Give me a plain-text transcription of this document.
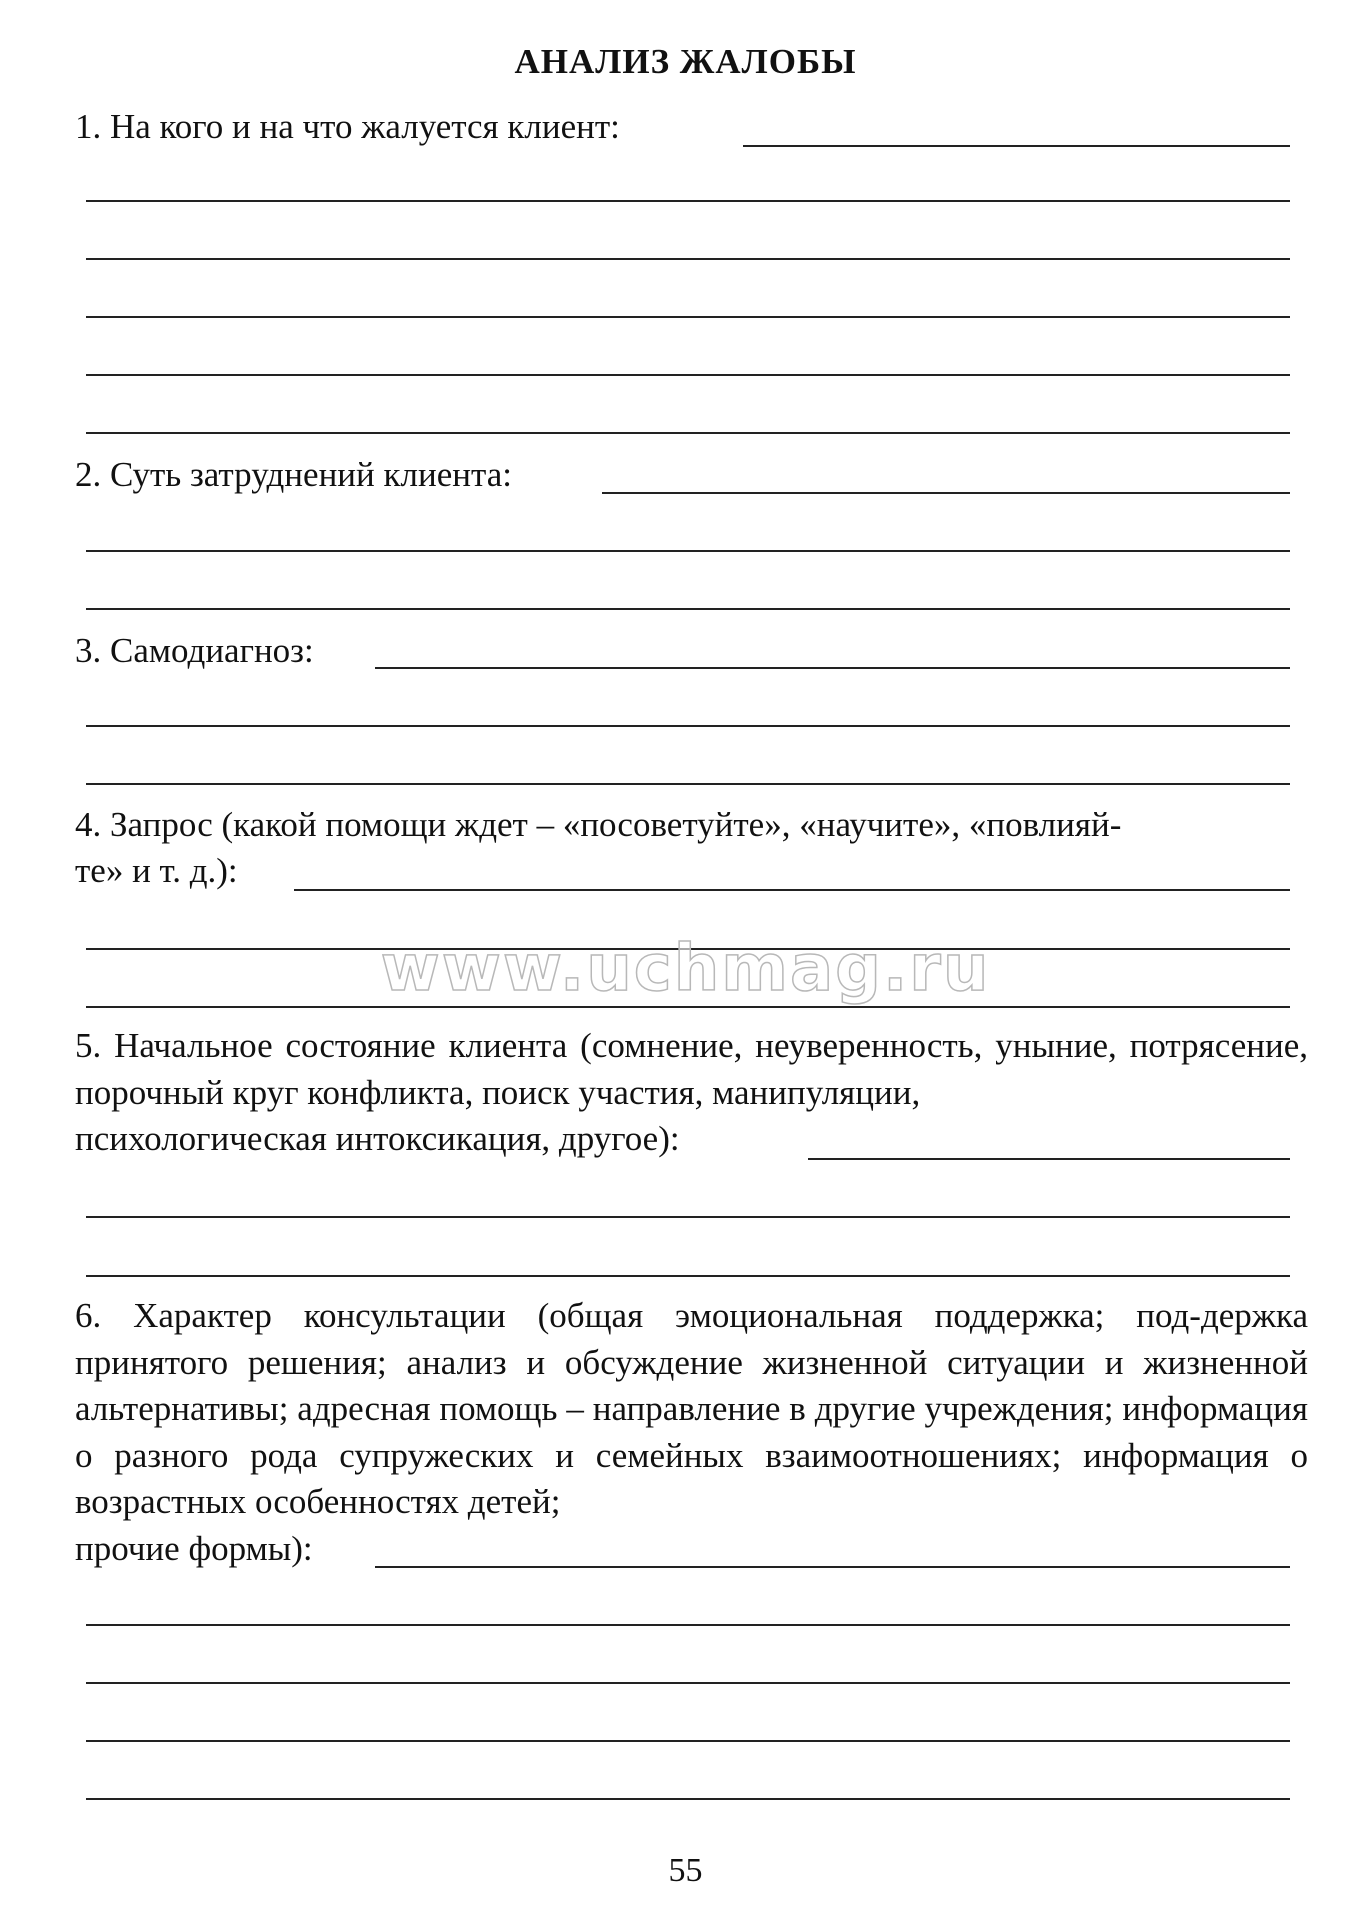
АНАЛИЗ ЖАЛОБЫ
1. На кого и на что жалуется клиент:
2. Суть затруднений клиента:
3. Самодиагноз:
4. Запрос (какой помощи ждет – «посоветуйте», «научите», «повлияй-
те» и т. д.):
www.uchmag.ru
5. Начальное состояние клиента (сомнение, неуверенность, уныние, потрясение, порочный круг конфликта, поиск участия, манипуляции,
психологическая интоксикация, другое):
6. Характер консультации (общая эмоциональная поддержка; под-держка принятого решения; анализ и обсуждение жизненной ситуации и жизненной альтернативы; адресная помощь – направление в другие учреждения; информация о разного рода супружеских и семейных взаимоотношениях; информация о возрастных особенностях детей;
прочие формы):
55
